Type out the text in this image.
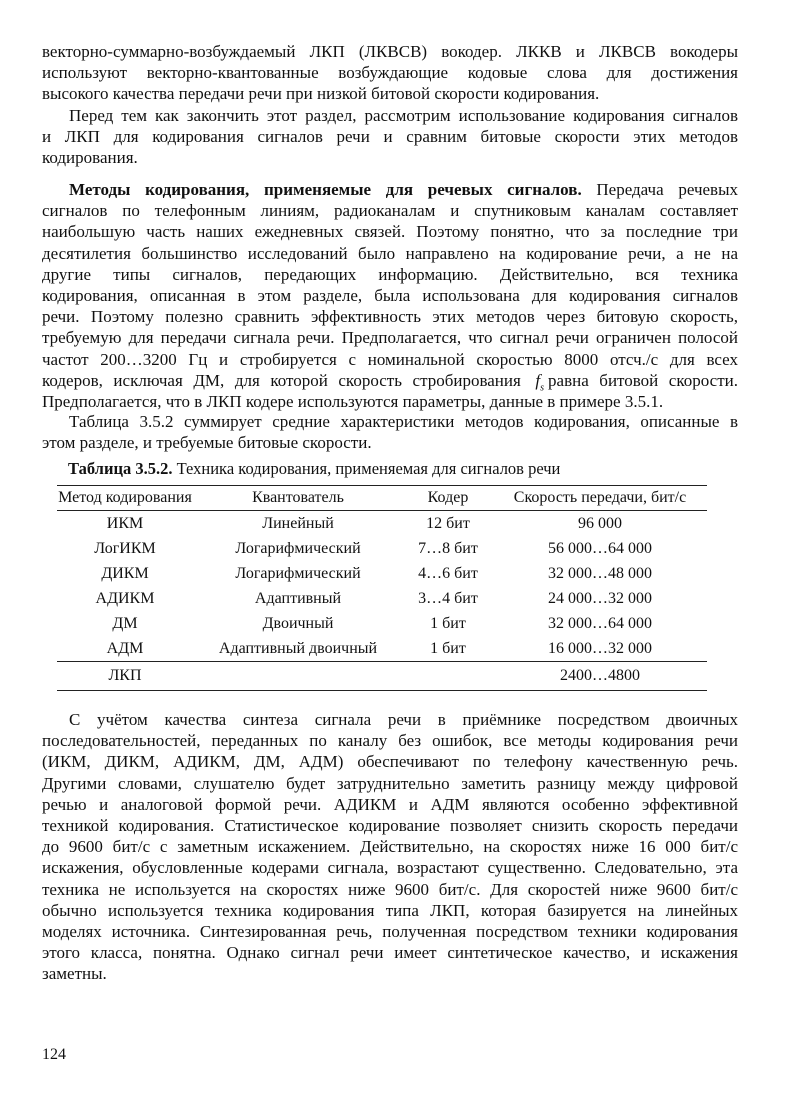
векторно-суммарно-возбуждаемый ЛКП (ЛКВСВ) вокодер. ЛККВ и ЛКВСВ вокодеры
используют векторно-квантованные возбуждающие кодовые слова для достижения
высокого качества передачи речи при низкой битовой скорости кодирования.
Перед тем как закончить этот раздел, рассмотрим использование кодирования сигналов
и ЛКП для кодирования сигналов речи и сравним битовые скорости этих методов
кодирования.
Методы кодирования, применяемые для речевых сигналов. Передача речевых
сигналов по телефонным линиям, радиоканалам и спутниковым каналам составляет
наибольшую часть наших ежедневных связей. Поэтому понятно, что за последние три
десятилетия большинство исследований было направлено на кодирование речи, а не на
другие типы сигналов, передающих информацию. Действительно, вся техника
кодирования, описанная в этом разделе, была использована для кодирования сигналов
речи. Поэтому полезно сравнить эффективность этих методов через битовую скорость,
требуемую для передачи сигнала речи. Предполагается, что сигнал речи ограничен полосой
частот 200…3200 Гц и стробируется с номинальной скоростью 8000 отсч./с для всех
кодеров, исключая ДМ, для которой скорость стробирования $f_s$ равна битовой скорости.
Предполагается, что в ЛКП кодере используются параметры, данные в примере 3.5.1.
Таблица 3.5.2 суммирует средние характеристики методов кодирования, описанные в
этом разделе, и требуемые битовые скорости.
Таблица 3.5.2. Техника кодирования, применяемая для сигналов речи
Метод кодирования	Квантователь	Кодер	Скорость передачи, бит/с
ИКМ	Линейный	12 бит	96 000
ЛогИКМ	Логарифмический	7…8 бит	56 000…64 000
ДИКМ	Логарифмический	4…6 бит	32 000…48 000
АДИКМ	Адаптивный	3…4 бит	24 000…32 000
ДМ	Двоичный	1 бит	32 000…64 000
АДМ	Адаптивный двоичный	1 бит	16 000…32 000
ЛКП			2400…4800
С учётом качества синтеза сигнала речи в приёмнике посредством двоичных
последовательностей, переданных по каналу без ошибок, все методы кодирования речи
(ИКМ, ДИКМ, АДИКМ, ДМ, АДМ) обеспечивают по телефону качественную речь.
Другими словами, слушателю будет затруднительно заметить разницу между цифровой
речью и аналоговой формой речи. АДИКМ и АДМ являются особенно эффективной
техникой кодирования. Статистическое кодирование позволяет снизить скорость передачи
до 9600 бит/с с заметным искажением. Действительно, на скоростях ниже 16 000 бит/с
искажения, обусловленные кодерами сигнала, возрастают существенно. Следовательно, эта
техника не используется на скоростях ниже 9600 бит/с. Для скоростей ниже 9600 бит/с
обычно используется техника кодирования типа ЛКП, которая базируется на линейных
моделях источника. Синтезированная речь, полученная посредством техники кодирования
этого класса, понятна. Однако сигнал речи имеет синтетическое качество, и искажения
заметны.
124
